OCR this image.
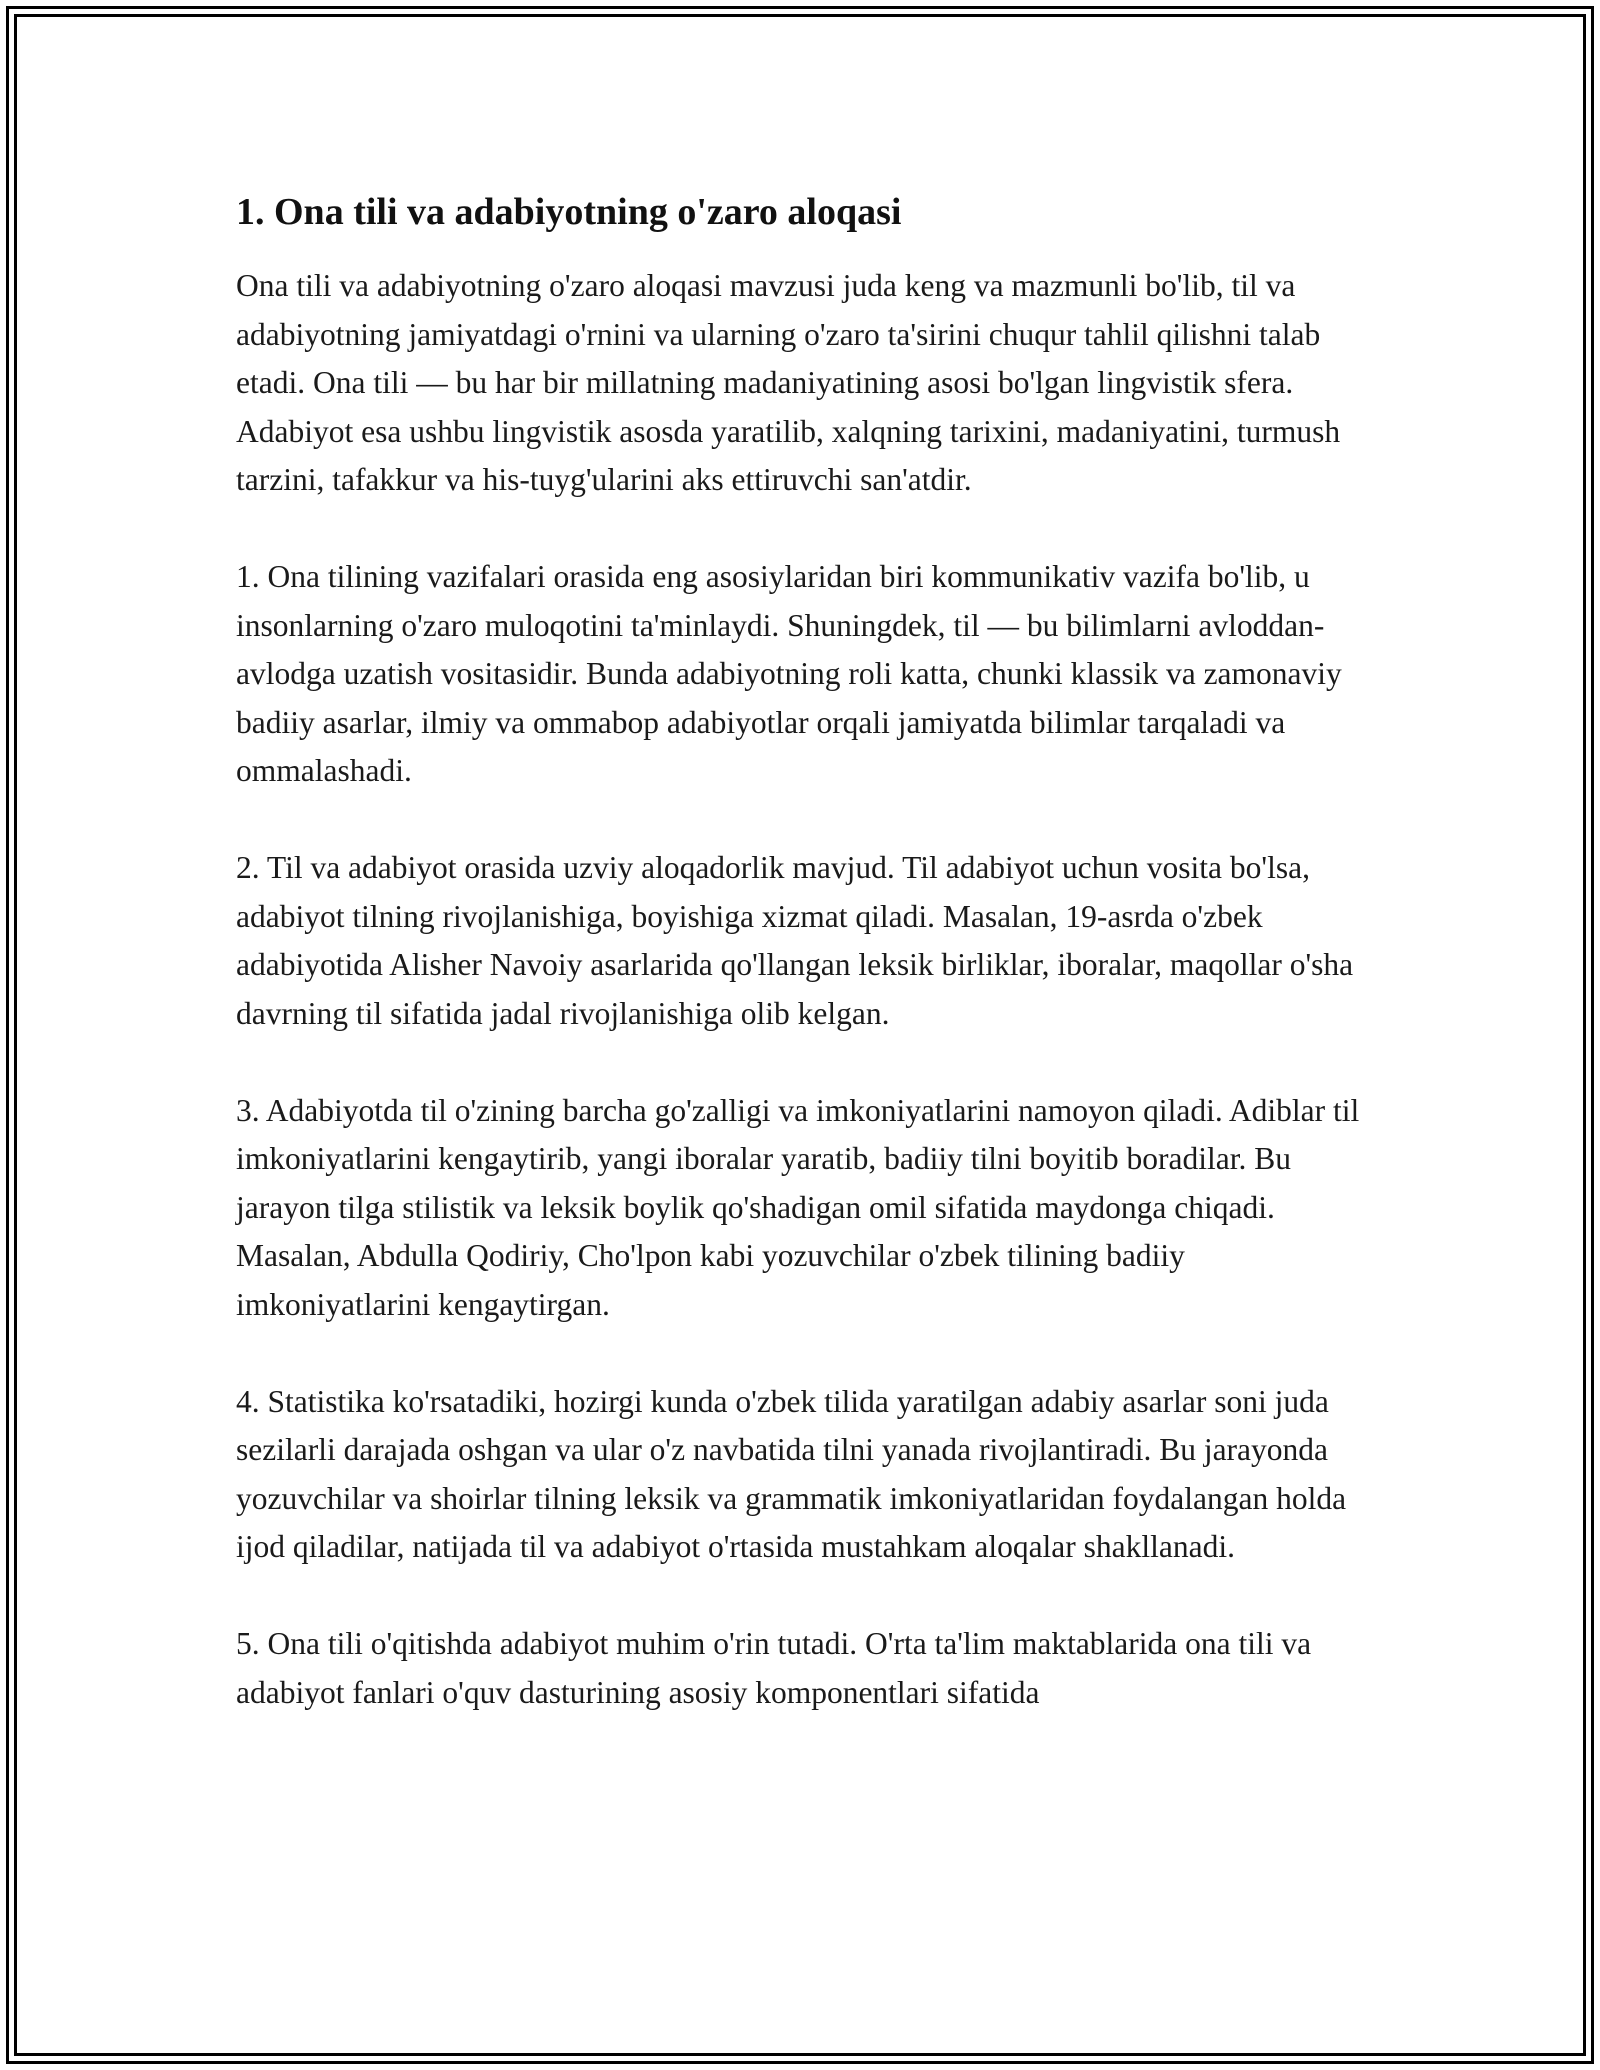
1. Ona tili va adabiyotning o'zaro aloqasi

Ona tili va adabiyotning o'zaro aloqasi mavzusi juda keng va mazmunli bo'lib, til va adabiyotning jamiyatdagi o'rnini va ularning o'zaro ta'sirini chuqur tahlil qilishni talab etadi. Ona tili — bu har bir millatning madaniyatining asosi bo'lgan lingvistik sfera. Adabiyot esa ushbu lingvistik asosda yaratilib, xalqning tarixini, madaniyatini, turmush tarzini, tafakkur va his-tuyg'ularini aks ettiruvchi san'atdir.

1. Ona tilining vazifalari orasida eng asosiylaridan biri kommunikativ vazifa bo'lib, u insonlarning o'zaro muloqotini ta'minlaydi. Shuningdek, til — bu bilimlarni avloddan-avlodga uzatish vositasidir. Bunda adabiyotning roli katta, chunki klassik va zamonaviy badiiy asarlar, ilmiy va ommabop adabiyotlar orqali jamiyatda bilimlar tarqaladi va ommalashadi.

2. Til va adabiyot orasida uzviy aloqadorlik mavjud. Til adabiyot uchun vosita bo'lsa, adabiyot tilning rivojlanishiga, boyishiga xizmat qiladi. Masalan, 19-asrda o'zbek adabiyotida Alisher Navoiy asarlarida qo'llangan leksik birliklar, iboralar, maqollar o'sha davrning til sifatida jadal rivojlanishiga olib kelgan.

3. Adabiyotda til o'zining barcha go'zalligi va imkoniyatlarini namoyon qiladi. Adiblar til imkoniyatlarini kengaytirib, yangi iboralar yaratib, badiiy tilni boyitib boradilar. Bu jarayon tilga stilistik va leksik boylik qo'shadigan omil sifatida maydonga chiqadi. Masalan, Abdulla Qodiriy, Cho'lpon kabi yozuvchilar o'zbek tilining badiiy imkoniyatlarini kengaytirgan.

4. Statistika ko'rsatadiki, hozirgi kunda o'zbek tilida yaratilgan adabiy asarlar soni juda sezilarli darajada oshgan va ular o'z navbatida tilni yanada rivojlantiradi. Bu jarayonda yozuvchilar va shoirlar tilning leksik va grammatik imkoniyatlaridan foydalangan holda ijod qiladilar, natijada til va adabiyot o'rtasida mustahkam aloqalar shakllanadi.

5. Ona tili o'qitishda adabiyot muhim o'rin tutadi. O'rta ta'lim maktablarida ona tili va adabiyot fanlari o'quv dasturining asosiy komponentlari sifatida
